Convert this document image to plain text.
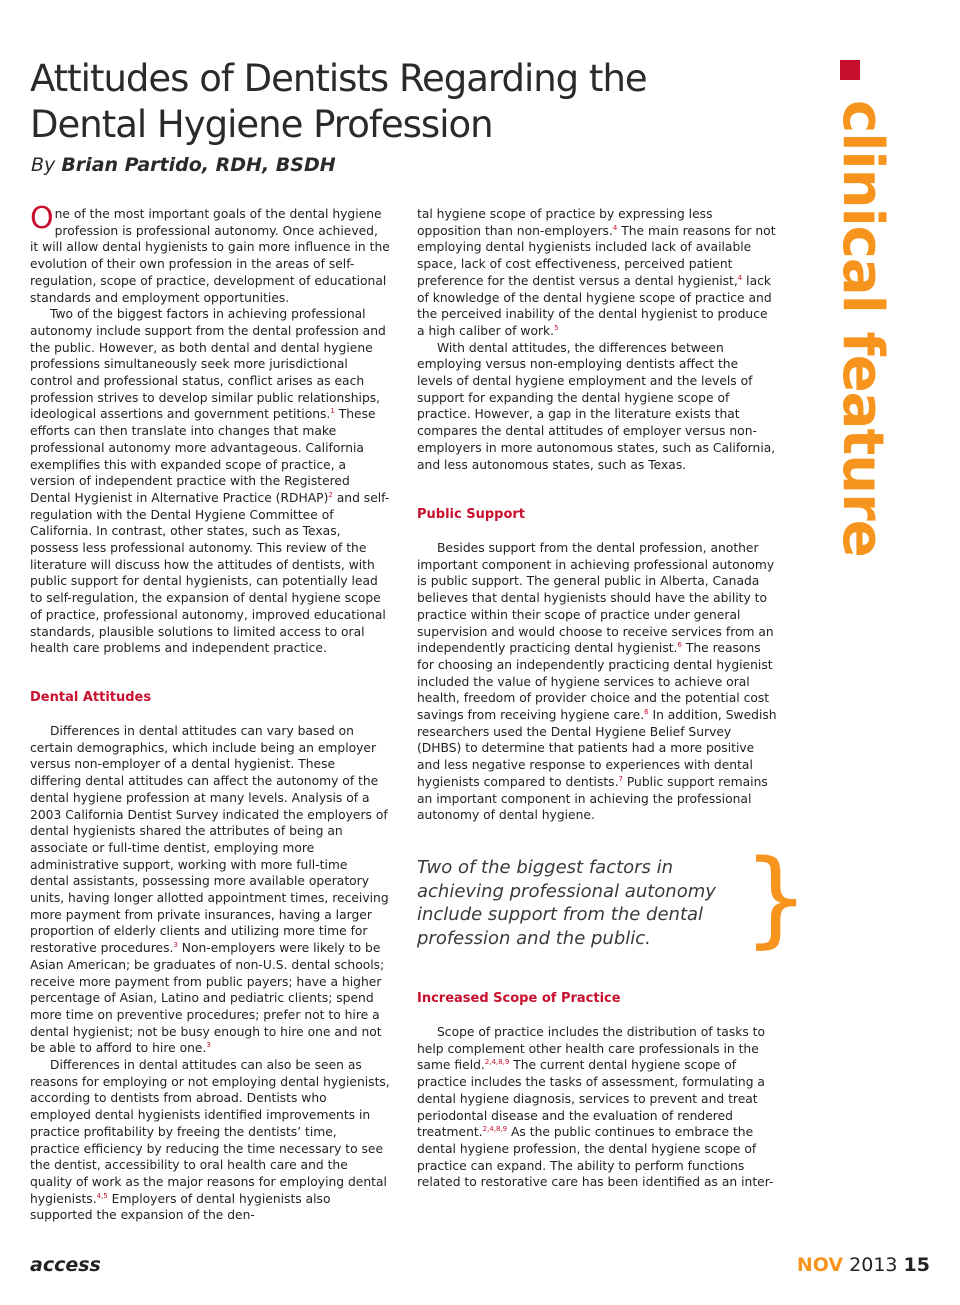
Attitudes of Dentists Regarding the Dental Hygiene Profession
By Brian Partido, RDH, BSDH	clinical feature

One of the most important goals of the dental hygiene profession is professional autonomy. Once achieved, it will allow dental hygienists to gain more influence in the evolution of their own profession in the areas of self-regulation, scope of practice, development of educational standards and employment opportunities.

Two of the biggest factors in achieving professional autonomy include support from the dental profession and the public. However, as both dental and dental hygiene professions simultaneously seek more jurisdictional control and professional status, conflict arises as each profession strives to develop similar public relationships, ideological assertions and government petitions.$^1$ These efforts can then translate into changes that make professional autonomy more advantageous. California exemplifies this with expanded scope of practice, a version of independent practice with the Registered Dental Hygienist in Alternative Practice (RDHAP)$^2$ and self-regulation with the Dental Hygiene Committee of California. In contrast, other states, such as Texas, possess less professional autonomy. This review of the literature will discuss how the attitudes of dentists, with public support for dental hygienists, can potentially lead to self-regulation, the expansion of dental hygiene scope of practice, professional autonomy, improved educational standards, plausible solutions to limited access to oral health care problems and independent practice.

Dental Attitudes

Differences in dental attitudes can vary based on certain demographics, which include being an employer versus non-employer of a dental hygienist. These differing dental attitudes can affect the autonomy of the dental hygiene profession at many levels. Analysis of a 2003 California Dentist Survey indicated the employers of dental hygienists shared the attributes of being an associate or full-time dentist, employing more administrative support, working with more full-time dental assistants, possessing more available operatory units, having longer allotted appointment times, receiving more payment from private insurances, having a larger proportion of elderly clients and utilizing more time for restorative procedures.$^3$ Non-employers were likely to be Asian American; be graduates of non-U.S. dental schools; receive more payment from public payers; have a higher percentage of Asian, Latino and pediatric clients; spend more time on preventive procedures; prefer not to hire a dental hygienist; not be busy enough to hire one and not be able to afford to hire one.$^3$

Differences in dental attitudes can also be seen as reasons for employing or not employing dental hygienists, according to dentists from abroad. Dentists who employed dental hygienists identified improvements in practice profitability by freeing the dentists’ time, practice efficiency by reducing the time necessary to see the dentist, accessibility to oral health care and the quality of work as the major reasons for employing dental hygienists.$^{4,5}$ Employers of dental hygienists also supported the expansion of the den-

tal hygiene scope of practice by expressing less opposition than non-employers.$^4$ The main reasons for not employing dental hygienists included lack of available space, lack of cost effectiveness, perceived patient preference for the dentist versus a dental hygienist,$^4$ lack of knowledge of the dental hygiene scope of practice and the perceived inability of the dental hygienist to produce a high caliber of work.$^5$

With dental attitudes, the differences between employing versus non-employing dentists affect the levels of dental hygiene employment and the levels of support for expanding the dental hygiene scope of practice. However, a gap in the literature exists that compares the dental attitudes of employer versus non-employers in more autonomous states, such as California, and less autonomous states, such as Texas.

Public Support

Besides support from the dental profession, another important component in achieving professional autonomy is public support. The general public in Alberta, Canada believes that dental hygienists should have the ability to practice within their scope of practice under general supervision and would choose to receive services from an independently practicing dental hygienist.$^6$ The reasons for choosing an independently practicing dental hygienist included the value of hygiene services to achieve oral health, freedom of provider choice and the potential cost savings from receiving hygiene care.$^6$ In addition, Swedish researchers used the Dental Hygiene Belief Survey (DHBS) to determine that patients had a more positive and less negative response to experiences with dental hygienists compared to dentists.$^7$ Public support remains an important component in achieving the professional autonomy of dental hygiene.

Two of the biggest factors in achieving professional autonomy include support from the dental profession and the public. }
Increased Scope of Practice

Scope of practice includes the distribution of tasks to help complement other health care professionals in the same field.$^{2,4,8,9}$ The current dental hygiene scope of practice includes the tasks of assessment, formulating a dental hygiene diagnosis, services to prevent and treat periodontal disease and the evaluation of rendered treatment.$^{2,4,8,9}$ As the public continues to embrace the dental hygiene profession, the dental hygiene scope of practice can expand. The ability to perform functions related to restorative care has been identified as an inter-

access	NOV 2013 15
